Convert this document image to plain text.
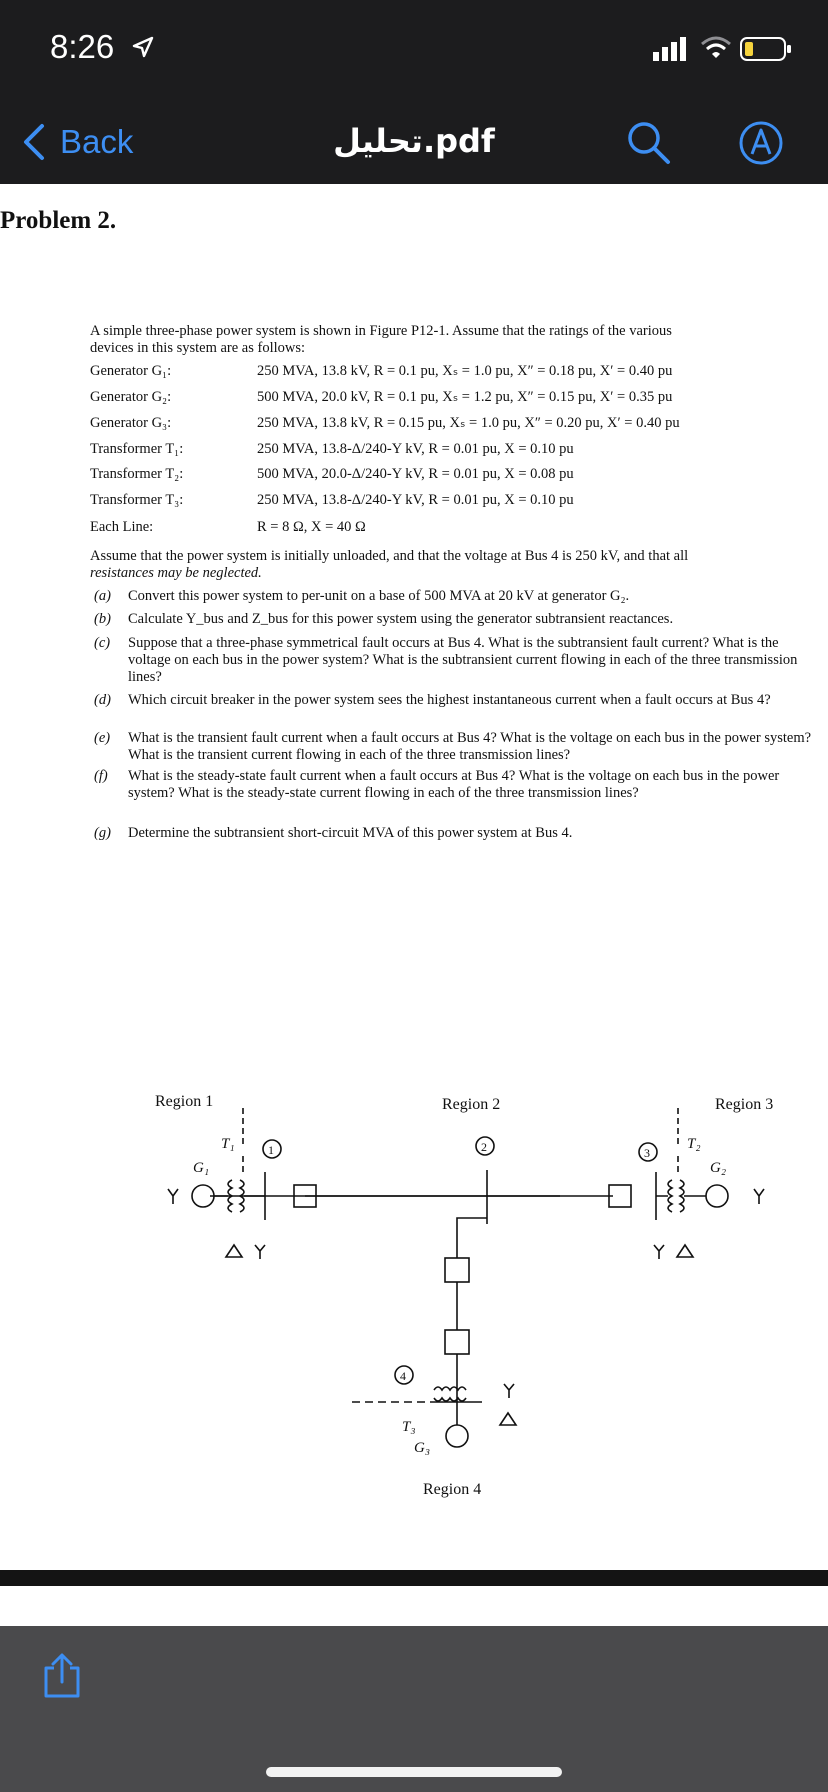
8:26
Back	تحليل.pdf
Problem 2.
A simple three-phase power system is shown in Figure P12-1. Assume that the ratings of the various
devices in this system are as follows:
Generator G₁:	250 MVA, 13.8 kV, R = 0.1 pu, Xₛ = 1.0 pu, X″ = 0.18 pu, X′ = 0.40 pu
Generator G₂:	500 MVA, 20.0 kV, R = 0.1 pu, Xₛ = 1.2 pu, X″ = 0.15 pu, X′ = 0.35 pu
Generator G₃:	250 MVA, 13.8 kV, R = 0.15 pu, Xₛ = 1.0 pu, X″ = 0.20 pu, X′ = 0.40 pu
Transformer T₁:	250 MVA, 13.8-Δ/240-Y kV, R = 0.01 pu, X = 0.10 pu
Transformer T₂:	500 MVA, 20.0-Δ/240-Y kV, R = 0.01 pu, X = 0.08 pu
Transformer T₃:	250 MVA, 13.8-Δ/240-Y kV, R = 0.01 pu, X = 0.10 pu
Each Line:	R = 8 Ω, X = 40 Ω
Assume that the power system is initially unloaded, and that the voltage at Bus 4 is 250 kV, and that all
resistances may be neglected.
(a) Convert this power system to per-unit on a base of 500 MVA at 20 kV at generator G₂.
(b) Calculate Y_bus and Z_bus for this power system using the generator subtransient reactances.
(c) Suppose that a three-phase symmetrical fault occurs at Bus 4. What is the subtransient fault current? What is the voltage on each bus in the power system? What is the subtransient current flowing in each of the three transmission lines?
(d) Which circuit breaker in the power system sees the highest instantaneous current when a fault occurs at Bus 4?
(e) What is the transient fault current when a fault occurs at Bus 4? What is the voltage on each bus in the power system? What is the transient current flowing in each of the three transmission lines?
(f) What is the steady-state fault current when a fault occurs at Bus 4? What is the voltage on each bus in the power system? What is the steady-state current flowing in each of the three transmission lines?
(g) Determine the subtransient short-circuit MVA of this power system at Bus 4.
Region 1	Region 2	Region 3
Region 4
1	2	3
4
T₁	T₂
T₃
G₁	G₂
G₃
